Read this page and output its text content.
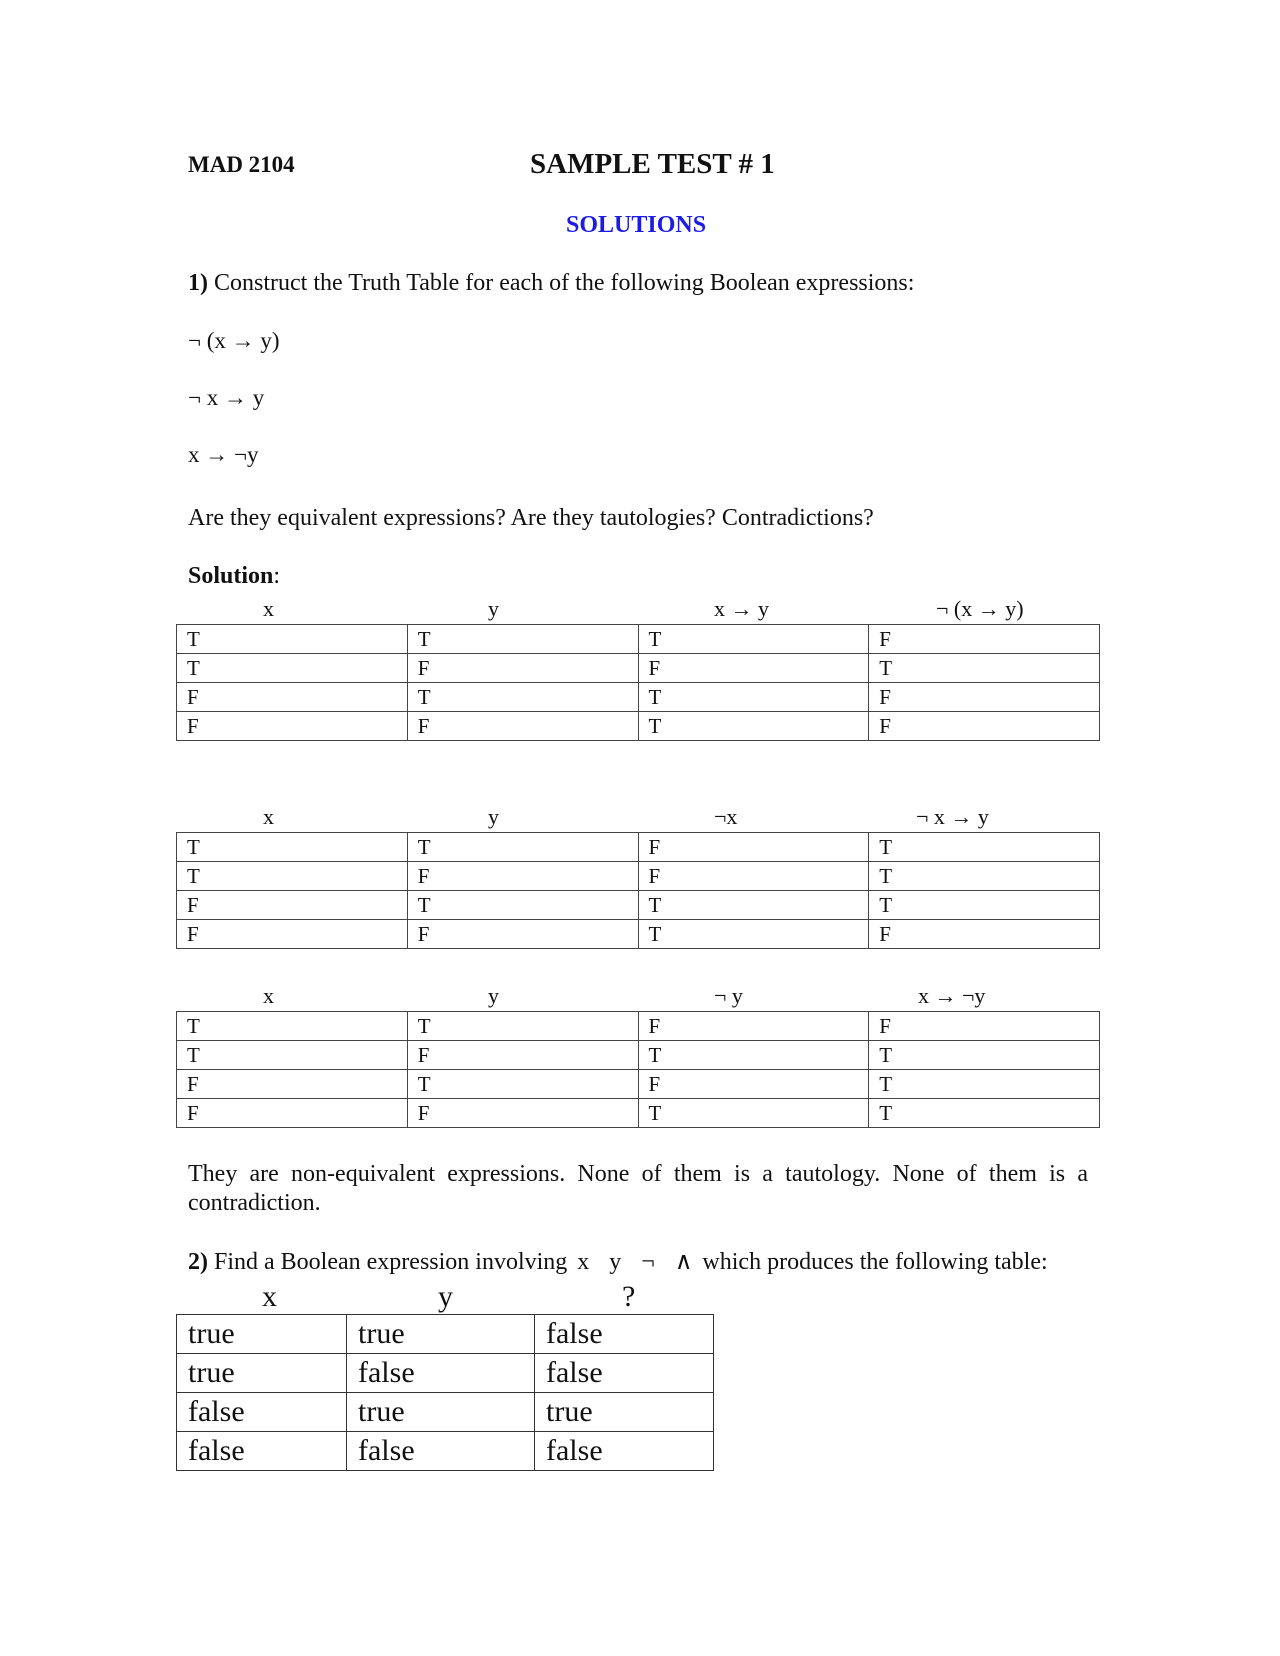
MAD 2104	SAMPLE TEST # 1
SOLUTIONS
1) Construct the Truth Table for each of the following Boolean expressions:
¬ (x → y)
¬ x → y
x → ¬y
Are they equivalent expressions? Are they tautologies? Contradictions?
Solution:
x	y	x → y	¬ (x → y)
T	T	T	F
T	F	F	T
F	T	T	F
F	F	T	F
x	y	¬x	¬ x → y
T	T	F	T
T	F	F	T
F	T	T	T
F	F	T	F
x	y	¬ y	x → ¬y
T	T	F	F
T	F	T	T
F	T	F	T
F	F	T	T
They are non-equivalent expressions. None of them is a tautology. None of them is a contradiction.
2) Find a Boolean expression involving x y ¬ ∧ which produces the following table:
x	y	?
true	true	false
true	false	false
false	true	true
false	false	false
